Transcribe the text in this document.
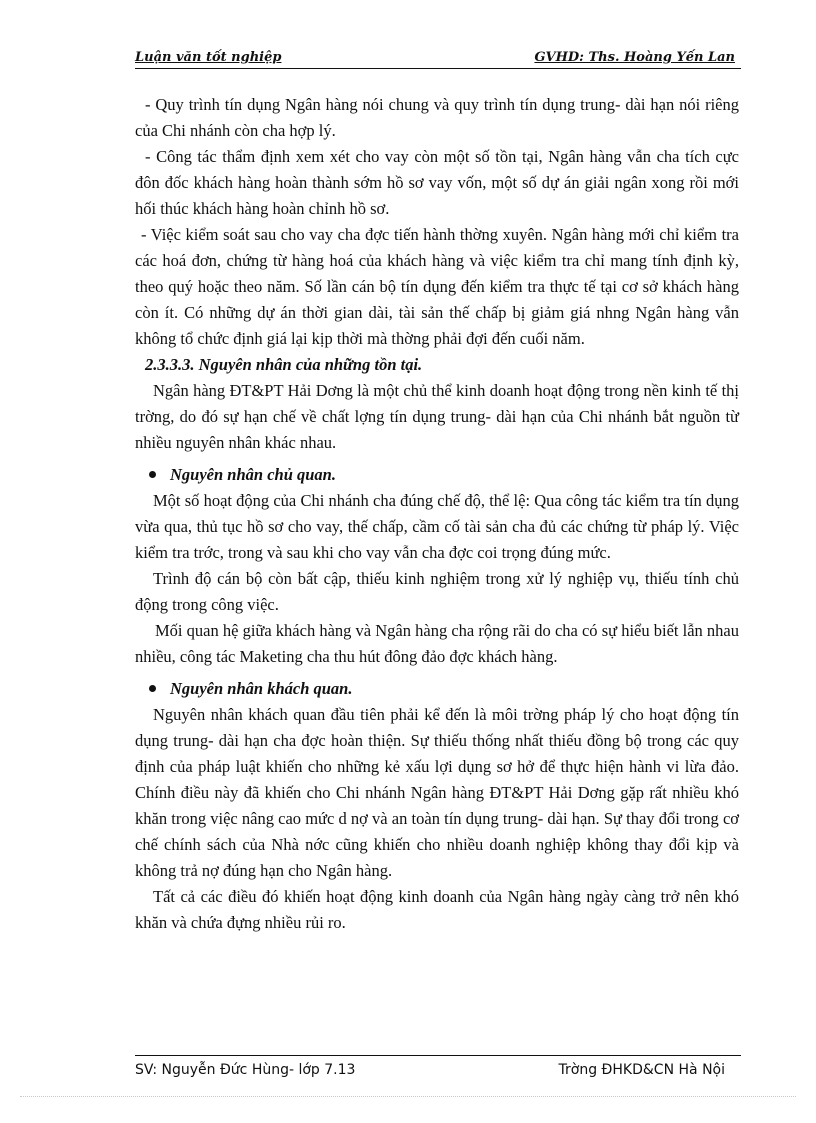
Luận văn tốt nghiệp	GVHD: Ths. Hoàng Yến Lan

- Quy trình tín dụng Ngân hàng nói chung và quy trình tín dụng trung- dài hạn nói riêng của Chi nhánh còn cha hợp lý.

- Công tác thẩm định xem xét cho vay còn một số tồn tại, Ngân hàng vẫn cha tích cực đôn đốc khách hàng hoàn thành sớm hồ sơ vay vốn, một số dự án giải ngân xong rồi mới hối thúc khách hàng hoàn chỉnh hồ sơ.

- Việc kiểm soát sau cho vay cha đợc tiến hành thờng xuyên. Ngân hàng mới chỉ kiểm tra các hoá đơn, chứng từ hàng hoá của khách hàng và việc kiểm tra chỉ mang tính định kỳ, theo quý hoặc theo năm. Số lần cán bộ tín dụng đến kiểm tra thực tế tại cơ sở khách hàng còn ít. Có những dự án thời gian dài, tài sản thế chấp bị giảm giá nhng Ngân hàng vẫn không tổ chức định giá lại kịp thời mà thờng phải đợi đến cuối năm.

2.3.3.3. Nguyên nhân của những tồn tại.

Ngân hàng ĐT&PT Hải Dơng là một chủ thể kinh doanh hoạt động trong nền kinh tế thị trờng, do đó sự hạn chế về chất lợng tín dụng trung- dài hạn của Chi nhánh bắt nguồn từ nhiều nguyên nhân khác nhau.

Nguyên nhân chủ quan.

Một số hoạt động của Chi nhánh cha đúng chế độ, thể lệ: Qua công tác kiểm tra tín dụng vừa qua, thủ tục hồ sơ cho vay, thế chấp, cầm cố tài sản cha đủ các chứng từ pháp lý. Việc kiểm tra trớc, trong và sau khi cho vay vẫn cha đợc coi trọng đúng mức.

Trình độ cán bộ còn bất cập, thiếu kinh nghiệm trong xử lý nghiệp vụ, thiếu tính chủ động trong công việc.

Mối quan hệ giữa khách hàng và Ngân hàng cha rộng rãi do cha có sự hiểu biết lẫn nhau nhiều, công tác Maketing cha thu hút đông đảo đợc khách hàng.

Nguyên nhân khách quan.

Nguyên nhân khách quan đầu tiên phải kể đến là môi trờng pháp lý cho hoạt động tín dụng trung- dài hạn cha đợc hoàn thiện. Sự thiếu thống nhất thiếu đồng bộ trong các quy định của pháp luật khiến cho những kẻ xấu lợi dụng sơ hở để thực hiện hành vi lừa đảo. Chính điều này đã khiến cho Chi nhánh Ngân hàng ĐT&PT Hải Dơng gặp rất nhiều khó khăn trong việc nâng cao mức d nợ và an toàn tín dụng trung- dài hạn. Sự thay đổi trong cơ chế chính sách của Nhà nớc cũng khiến cho nhiều doanh nghiệp không thay đổi kịp và không trả nợ đúng hạn cho Ngân hàng.

Tất cả các điều đó khiến hoạt động kinh doanh của Ngân hàng ngày càng trở nên khó khăn và chứa đựng nhiều rủi ro.

SV: Nguyễn Đức Hùng- lớp 7.13	Trờng ĐHKD&CN Hà Nội
